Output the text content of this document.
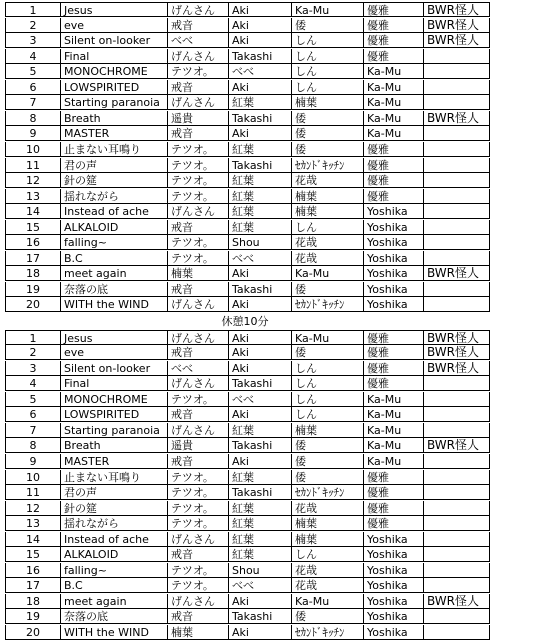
1	Jesus	げんさん	Aki	Ka-Mu	優雅	BWR怪人
2	eve	戒音	Aki	倭	優雅	BWR怪人
3	Silent on-looker	べべ	Aki	しん	優雅	BWR怪人
4	Final	げんさん	Takashi	しん	優雅
5	MONOCHROME	テツオ。	べべ	しん	Ka-Mu
6	LOWSPIRITED	戒音	Aki	しん	Ka-Mu
7	Starting paranoia	げんさん	紅葉	楠葉	Ka-Mu
8	Breath	遥貴	Takashi	倭	Ka-Mu	BWR怪人
9	MASTER	戒音	Aki	倭	Ka-Mu
10	止まない耳鳴り	テツオ。	紅葉	倭	優雅
11	君の声	テツオ。	Takashi	ｾｶﾝﾄﾞｷｯﾁﾝ	優雅
12	針の筵	テツオ。	紅葉	花哉	優雅
13	揺れながら	テツオ。	紅葉	楠葉	優雅
14	Instead of ache	げんさん	紅葉	楠葉	Yoshika
15	ALKALOID	戒音	紅葉	しん	Yoshika
16	falling~	テツオ。	Shou	花哉	Yoshika
17	B.C	テツオ。	べべ	花哉	Yoshika
18	meet again	楠葉	Aki	Ka-Mu	Yoshika	BWR怪人
19	奈落の底	戒音	Takashi	倭	Yoshika
20	WITH the WIND	げんさん	Aki	ｾｶﾝﾄﾞｷｯﾁﾝ	Yoshika
休憩10分
1	Jesus	げんさん	Aki	Ka-Mu	優雅	BWR怪人
2	eve	戒音	Aki	倭	優雅	BWR怪人
3	Silent on-looker	べべ	Aki	しん	優雅	BWR怪人
4	Final	げんさん	Takashi	しん	優雅
5	MONOCHROME	テツオ。	べべ	しん	Ka-Mu
6	LOWSPIRITED	戒音	Aki	しん	Ka-Mu
7	Starting paranoia	げんさん	紅葉	楠葉	Ka-Mu
8	Breath	遥貴	Takashi	倭	Ka-Mu	BWR怪人
9	MASTER	戒音	Aki	倭	Ka-Mu
10	止まない耳鳴り	テツオ。	紅葉	倭	優雅
11	君の声	テツオ。	Takashi	ｾｶﾝﾄﾞｷｯﾁﾝ	優雅
12	針の筵	テツオ。	紅葉	花哉	優雅
13	揺れながら	テツオ。	紅葉	楠葉	優雅
14	Instead of ache	げんさん	紅葉	楠葉	Yoshika
15	ALKALOID	戒音	紅葉	しん	Yoshika
16	falling~	テツオ。	Shou	花哉	Yoshika
17	B.C	テツオ。	べべ	花哉	Yoshika
18	meet again	げんさん	Aki	Ka-Mu	Yoshika	BWR怪人
19	奈落の底	戒音	Takashi	倭	Yoshika
20	WITH the WIND	楠葉	Aki	ｾｶﾝﾄﾞｷｯﾁﾝ	Yoshika
